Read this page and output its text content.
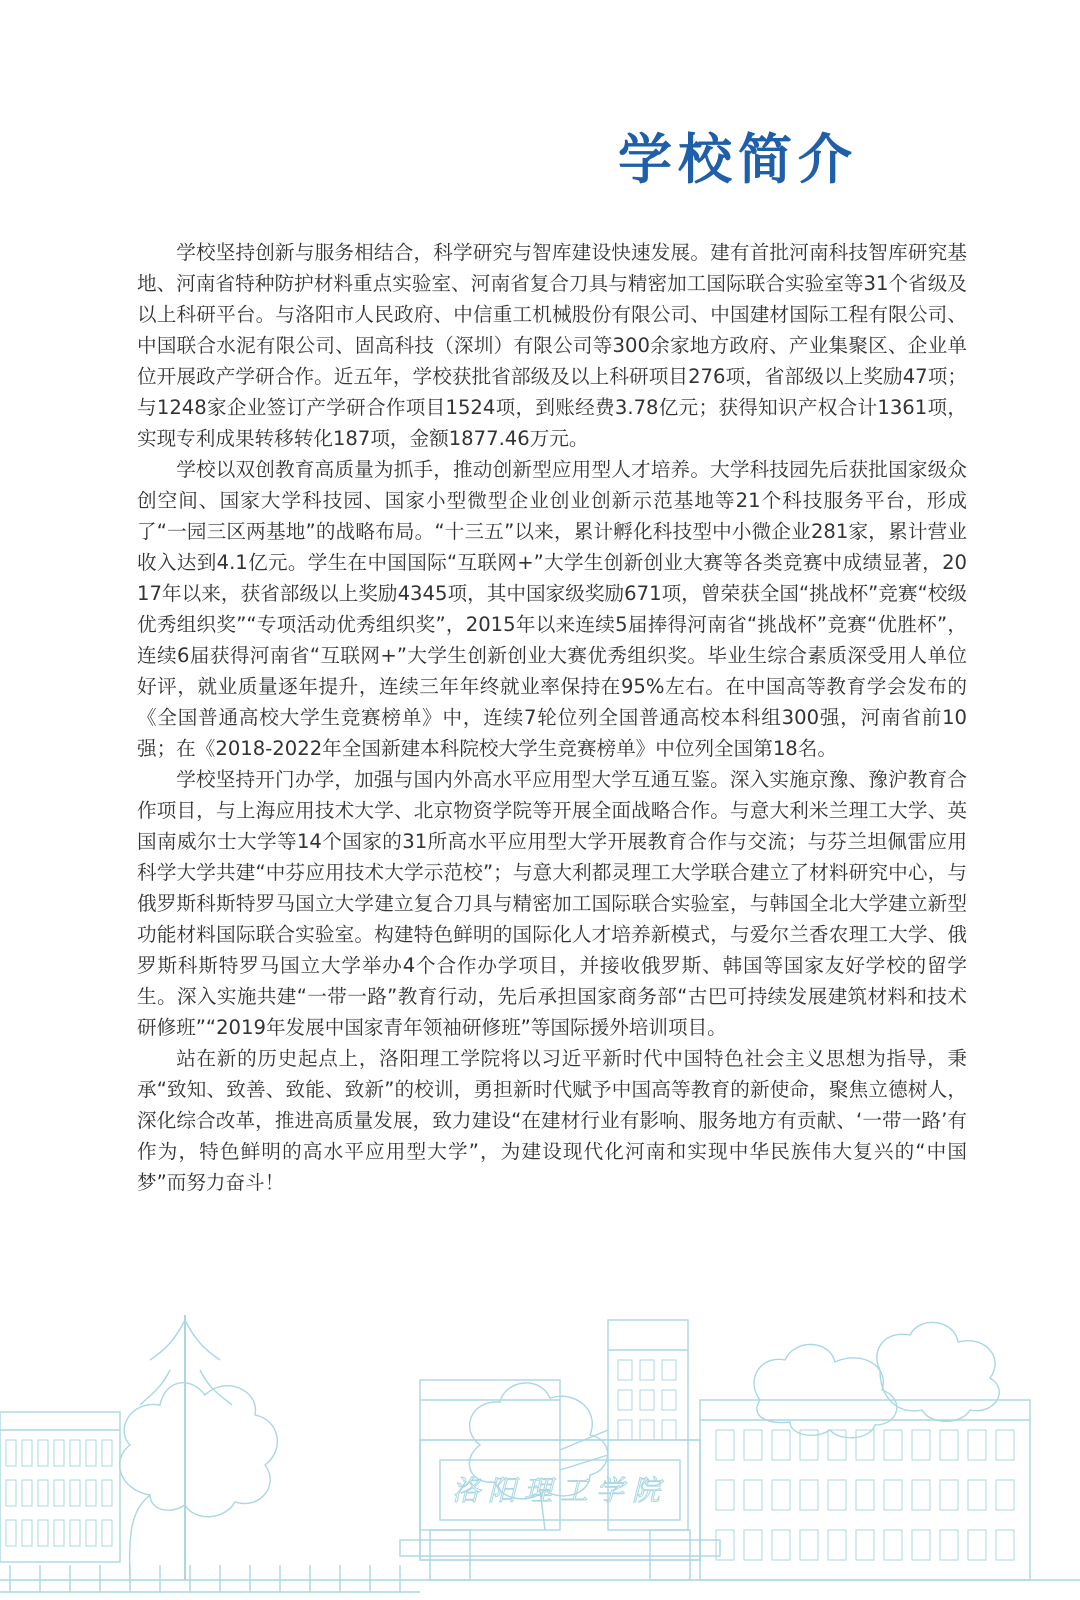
学校简介

学校坚持创新与服务相结合，科学研究与智库建设快速发展。建有首批河南科技智库研究基地、河南省特种防护材料重点实验室、河南省复合刀具与精密加工国际联合实验室等31个省级及以上科研平台。与洛阳市人民政府、中信重工机械股份有限公司、中国建材国际工程有限公司、中国联合水泥有限公司、固高科技（深圳）有限公司等300余家地方政府、产业集聚区、企业单位开展政产学研合作。近五年，学校获批省部级及以上科研项目276项，省部级以上奖励47项；与1248家企业签订产学研合作项目1524项，到账经费3.78亿元；获得知识产权合计1361项，实现专利成果转移转化187项，金额1877.46万元。

学校以双创教育高质量为抓手，推动创新型应用型人才培养。大学科技园先后获批国家级众创空间、国家大学科技园、国家小型微型企业创业创新示范基地等21个科技服务平台，形成了“一园三区两基地”的战略布局。“十三五”以来，累计孵化科技型中小微企业281家，累计营业收入达到4.1亿元。学生在中国国际“互联网+”大学生创新创业大赛等各类竞赛中成绩显著，2017年以来，获省部级以上奖励4345项，其中国家级奖励671项，曾荣获全国“挑战杯”竞赛“校级优秀组织奖”“专项活动优秀组织奖”，2015年以来连续5届捧得河南省“挑战杯”竞赛“优胜杯”，连续6届获得河南省“互联网+”大学生创新创业大赛优秀组织奖。毕业生综合素质深受用人单位好评，就业质量逐年提升，连续三年年终就业率保持在95%左右。在中国高等教育学会发布的《全国普通高校大学生竞赛榜单》中，连续7轮位列全国普通高校本科组300强，河南省前10强；在《2018-2022年全国新建本科院校大学生竞赛榜单》中位列全国第18名。

学校坚持开门办学，加强与国内外高水平应用型大学互通互鉴。深入实施京豫、豫沪教育合作项目，与上海应用技术大学、北京物资学院等开展全面战略合作。与意大利米兰理工大学、英国南威尔士大学等14个国家的31所高水平应用型大学开展教育合作与交流；与芬兰坦佩雷应用科学大学共建“中芬应用技术大学示范校”；与意大利都灵理工大学联合建立了材料研究中心，与俄罗斯科斯特罗马国立大学建立复合刀具与精密加工国际联合实验室，与韩国全北大学建立新型功能材料国际联合实验室。构建特色鲜明的国际化人才培养新模式，与爱尔兰香农理工大学、俄罗斯科斯特罗马国立大学举办4个合作办学项目，并接收俄罗斯、韩国等国家友好学校的留学生。深入实施共建“一带一路”教育行动，先后承担国家商务部“古巴可持续发展建筑材料和技术研修班”“2019年发展中国家青年领袖研修班”等国际援外培训项目。

站在新的历史起点上，洛阳理工学院将以习近平新时代中国特色社会主义思想为指导，秉承“致知、致善、致能、致新”的校训，勇担新时代赋予中国高等教育的新使命，聚焦立德树人，深化综合改革，推进高质量发展，致力建设“在建材行业有影响、服务地方有贡献、‘一带一路’有作为，特色鲜明的高水平应用型大学”，为建设现代化河南和实现中华民族伟大复兴的“中国梦”而努力奋斗！

洛阳理工学院
